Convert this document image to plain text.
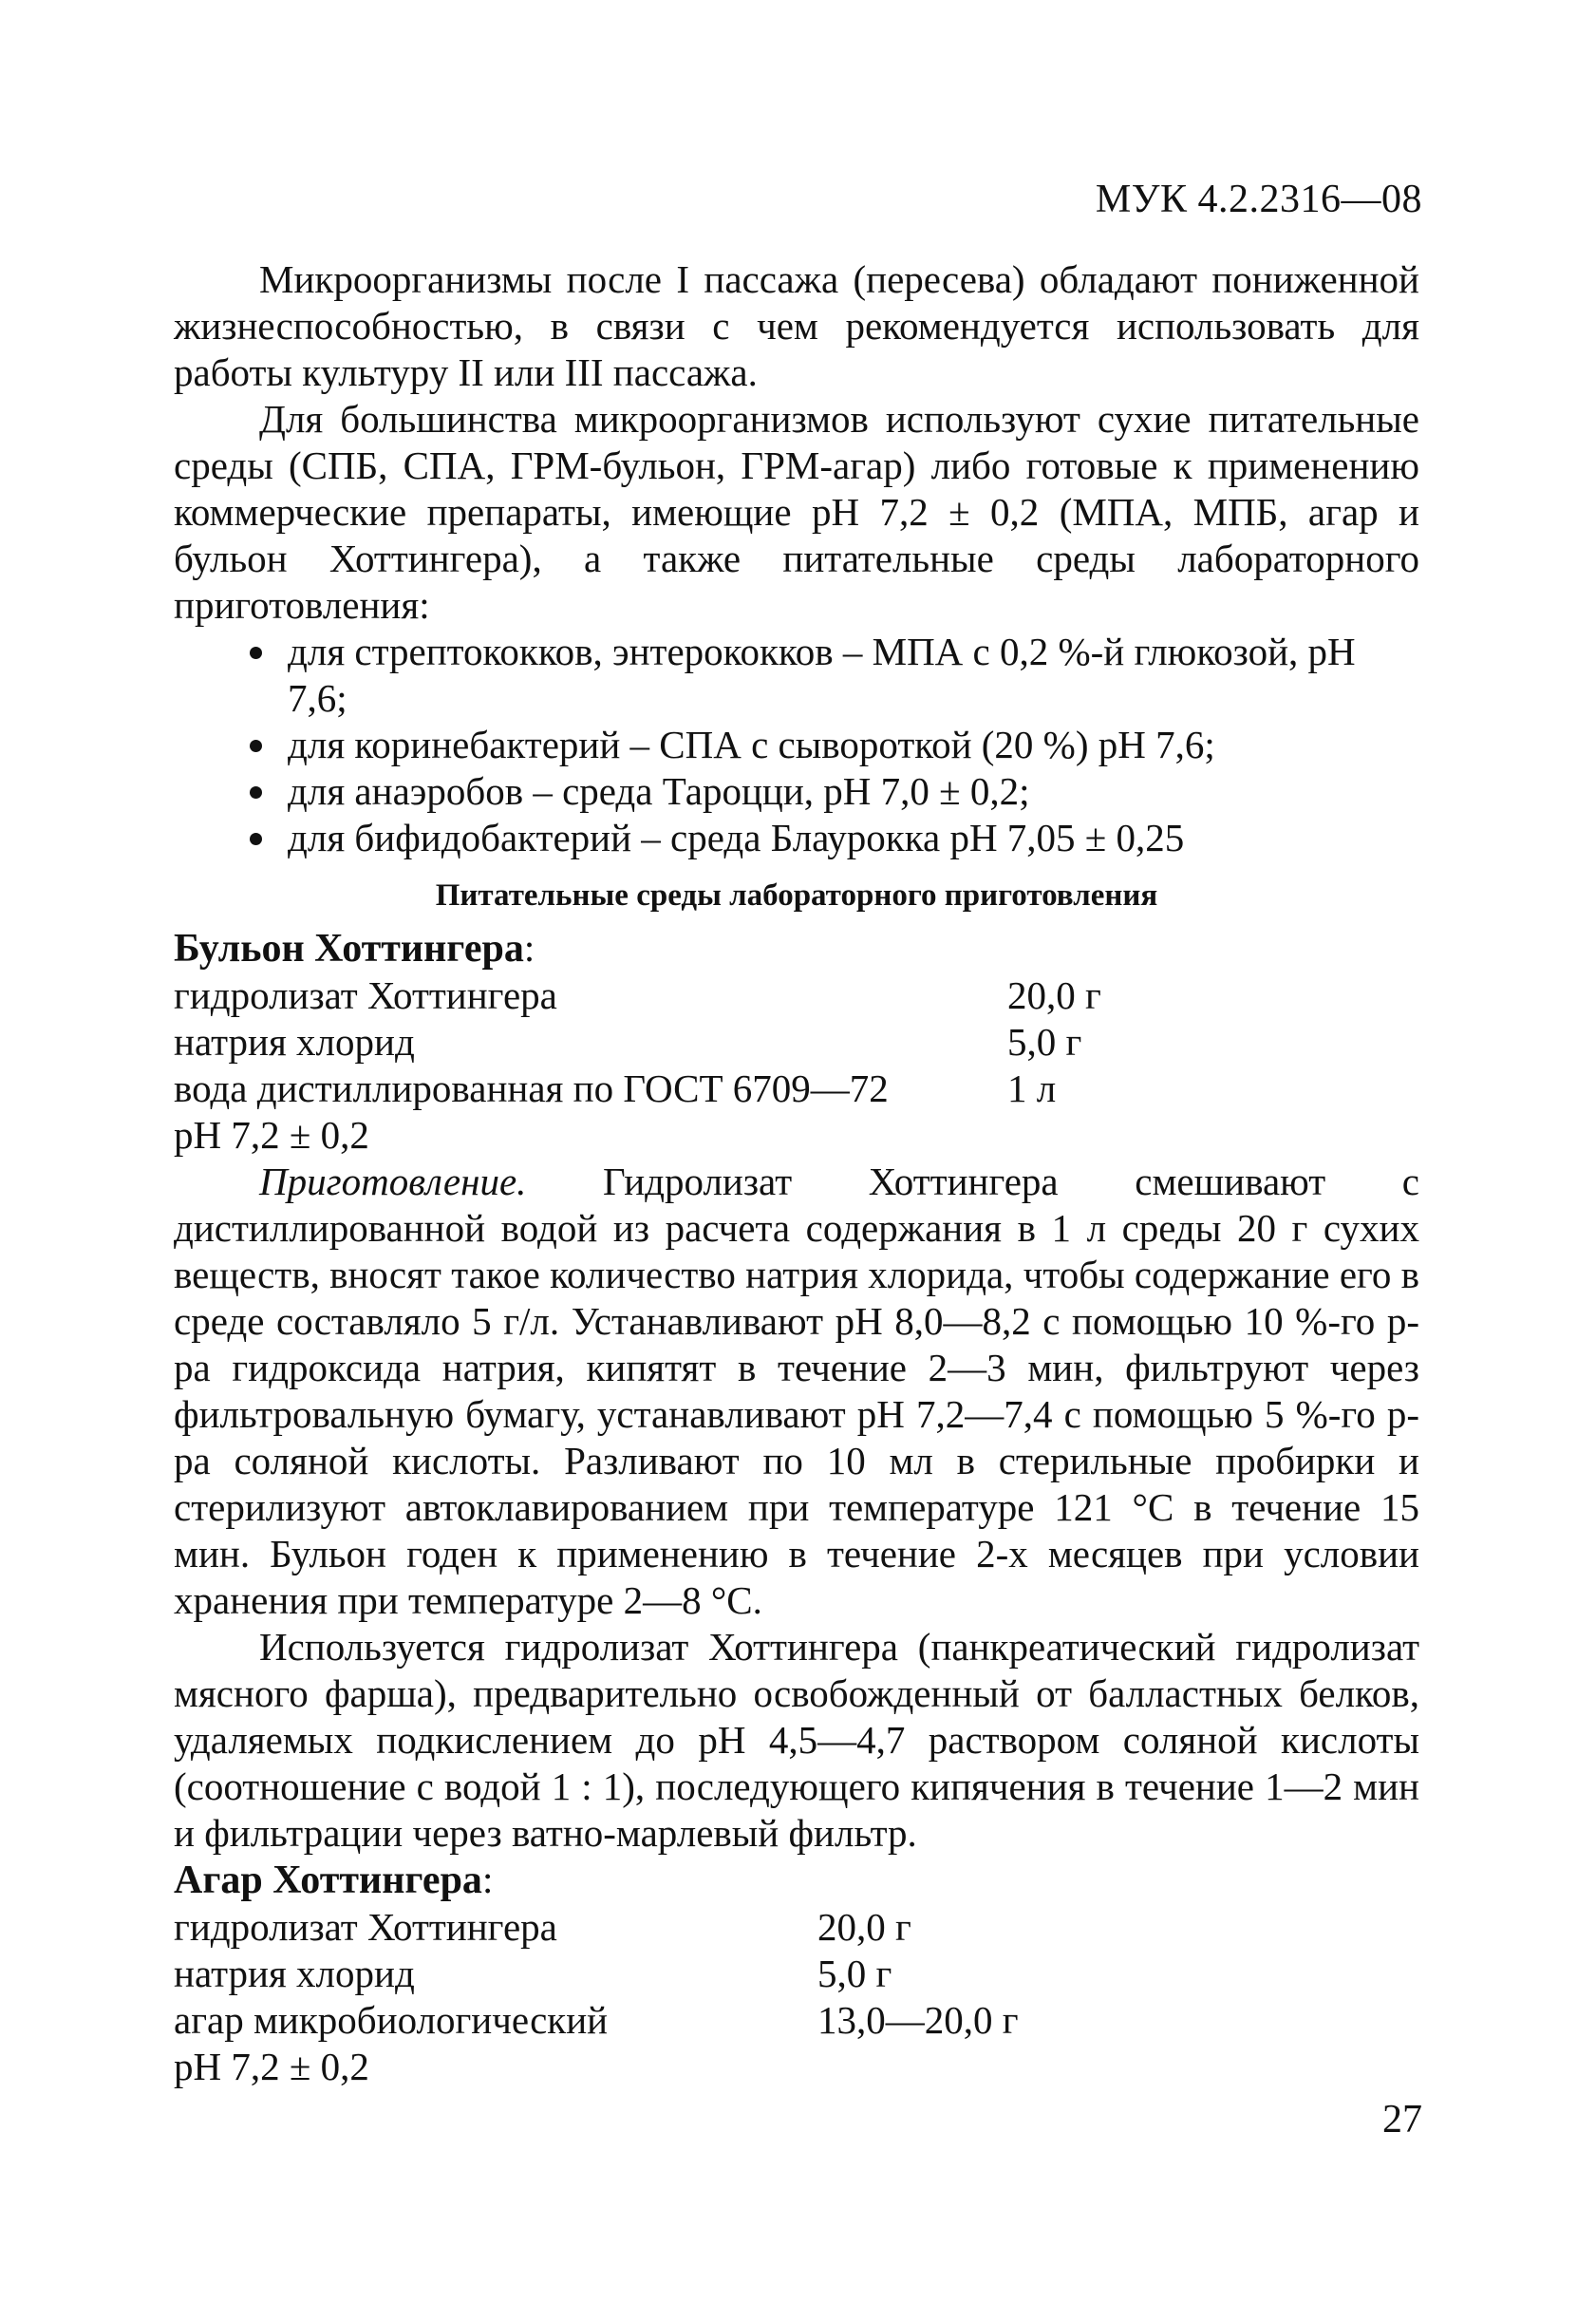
МУК 4.2.2316—08

Микроорганизмы после I пассажа (пересева) обладают пониженной жизнеспособностью, в связи с чем рекомендуется использовать для работы культуру II или III пассажа.

Для большинства микроорганизмов используют сухие питательные среды (СПБ, СПА, ГРМ-бульон, ГРМ-агар) либо готовые к применению коммерческие препараты, имеющие pH 7,2 ± 0,2 (МПА, МПБ, агар и бульон Хоттингера), а также питательные среды лабораторного приготовления:

для стрептококков, энтерококков – МПА с 0,2 %-й глюкозой, pH 7,6;
для коринебактерий – СПА с сывороткой (20 %) pH 7,6;
для анаэробов – среда Тароцци, pH 7,0 ± 0,2;
для бифидобактерий – среда Блаурокка pH 7,05 ± 0,25
Питательные среды лабораторного приготовления
Бульон Хоттингера:
гидролизат Хоттингера	20,0 г
натрия хлорид	5,0 г
вода дистиллированная по ГОСТ 6709—72	1 л
pH 7,2 ± 0,2

Приготовление. Гидролизат Хоттингера смешивают с дистиллированной водой из расчета содержания в 1 л среды 20 г сухих веществ, вносят такое количество натрия хлорида, чтобы содержание его в среде составляло 5 г/л. Устанавливают pH 8,0—8,2 с помощью 10 %-го р-ра гидроксида натрия, кипятят в течение 2—3 мин, фильтруют через фильтровальную бумагу, устанавливают pH 7,2—7,4 с помощью 5 %-го р-ра соляной кислоты. Разливают по 10 мл в стерильные пробирки и стерилизуют автоклавированием при температуре 121 °С в течение 15 мин. Бульон годен к применению в течение 2-х месяцев при условии хранения при температуре 2—8 °С.

Используется гидролизат Хоттингера (панкреатический гидролизат мясного фарша), предварительно освобожденный от балластных белков, удаляемых подкислением до pH 4,5—4,7 раствором соляной кислоты (соотношение с водой 1 : 1), последующего кипячения в течение 1—2 мин и фильтрации через ватно-марлевый фильтр.

Агар Хоттингера:
гидролизат Хоттингера	20,0 г
натрия хлорид	5,0 г
агар микробиологический	13,0—20,0 г
pH 7,2 ± 0,2
27
